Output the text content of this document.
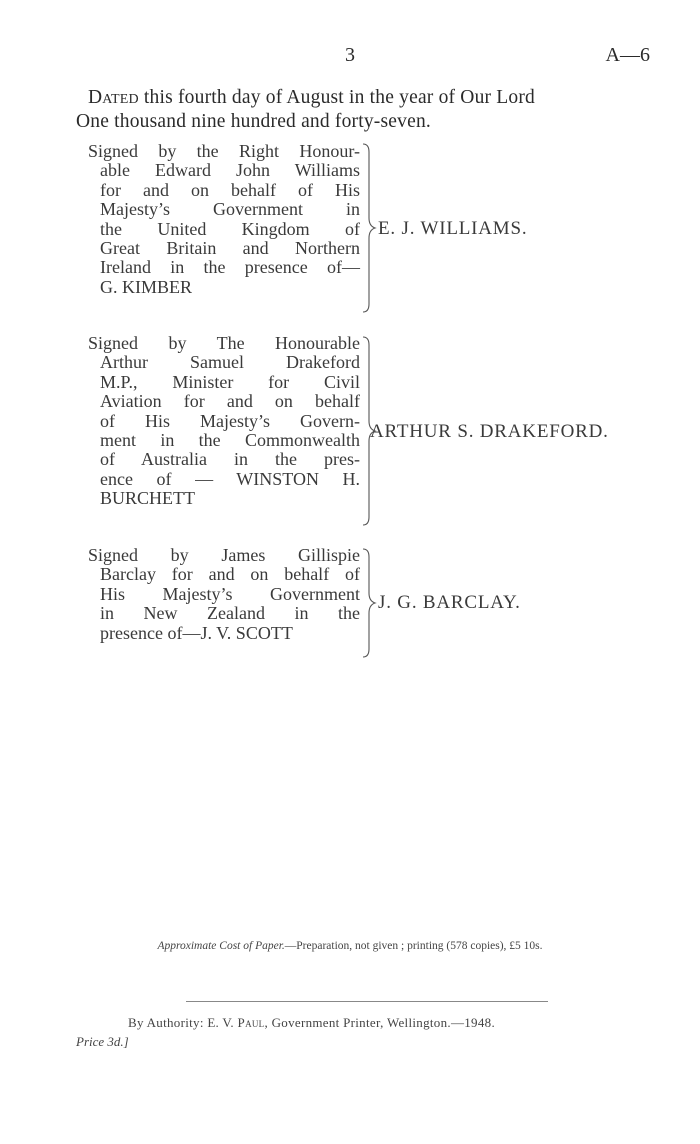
3	A—6
Dated this fourth day of August in the year of Our Lord
One thousand nine hundred and forty-seven.
Signed by the Right Honour-
able Edward John Williams
for and on behalf of His
Majesty’s Government in
the United Kingdom of
Great Britain and Northern
Ireland in the presence of—
G. KIMBER
E. J. WILLIAMS.
Signed by The Honourable
Arthur Samuel Drakeford
M.P., Minister for Civil
Aviation for and on behalf
of His Majesty’s Govern-
ment in the Commonwealth
of Australia in the pres-
ence of — WINSTON H.
BURCHETT
ARTHUR S. DRAKEFORD.
Signed by James Gillispie
Barclay for and on behalf of
His Majesty’s Government
in New Zealand in the
presence of—J. V. SCOTT
J. G. BARCLAY.
Approximate Cost of Paper.—Preparation, not given ; printing (578 copies), £5 10s.
By Authority: E. V. Paul, Government Printer, Wellington.—1948.
Price 3d.]
